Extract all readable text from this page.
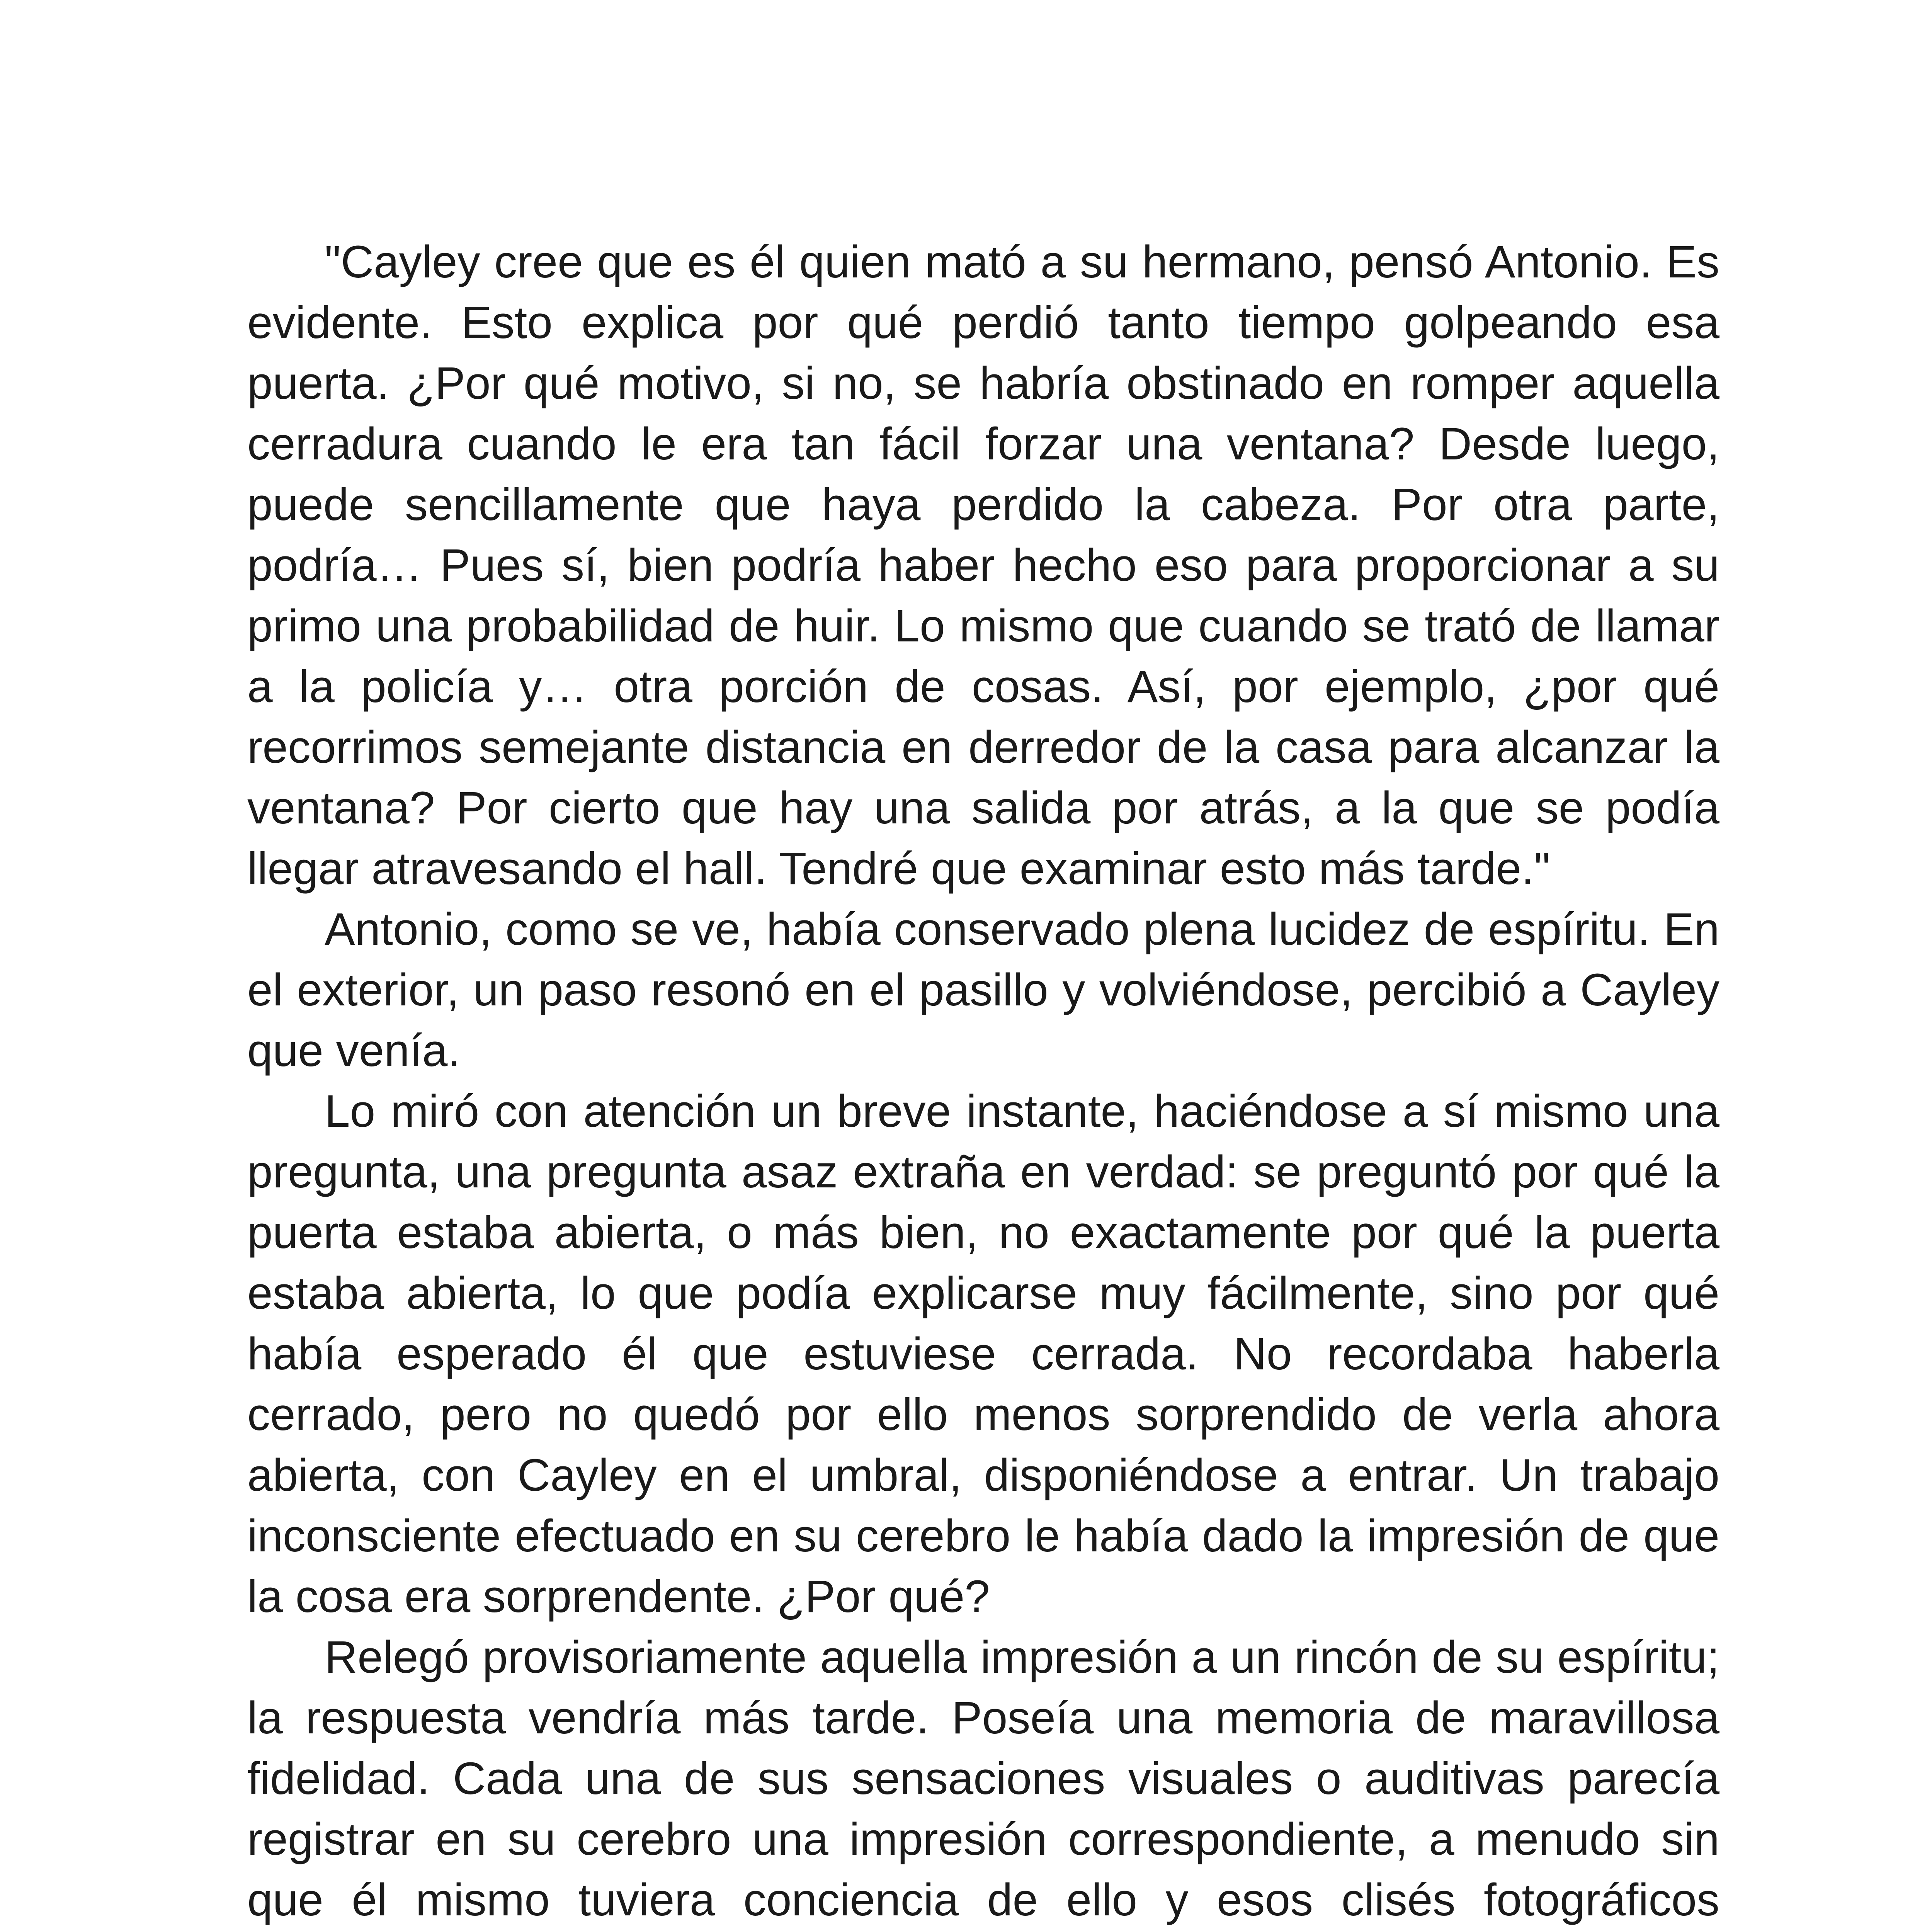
"Cayley cree que es él quien mató a su hermano, pensó Antonio. Es evidente. Esto explica por qué perdió tanto tiempo golpeando esa puerta. ¿Por qué motivo, si no, se habría obstinado en romper aquella cerradura cuando le era tan fácil forzar una ventana? Desde luego, puede sencillamente que haya perdido la cabeza. Por otra parte, podría… Pues sí, bien podría haber hecho eso para proporcionar a su primo una probabilidad de huir. Lo mismo que cuando se trató de llamar a la policía y… otra porción de cosas. Así, por ejemplo, ¿por qué recorrimos semejante distancia en derredor de la casa para alcanzar la ventana? Por cierto que hay una salida por atrás, a la que se podía llegar atravesando el hall. Tendré que examinar esto más tarde."

Antonio, como se ve, había conservado plena lucidez de espíritu. En el exterior, un paso resonó en el pasillo y volviéndose, percibió a Cayley que venía.

Lo miró con atención un breve instante, haciéndose a sí mismo una pregunta, una pregunta asaz extraña en verdad: se preguntó por qué la puerta estaba abierta, o más bien, no exactamente por qué la puerta estaba abierta, lo que podía explicarse muy fácilmente, sino por qué había esperado él que estuviese cerrada. No recordaba haberla cerrado, pero no quedó por ello menos sorprendido de verla ahora abierta, con Cayley en el umbral, disponiéndose a entrar. Un trabajo inconsciente efectuado en su cerebro le había dado la impresión de que la cosa era sorprendente. ¿Por qué?

Relegó provisoriamente aquella impresión a un rincón de su espíritu; la respuesta vendría más tarde. Poseía una memoria de maravillosa fidelidad. Cada una de sus sensaciones visuales o auditivas parecía registrar en su cerebro una impresión correspondiente, a menudo sin que él mismo tuviera conciencia de ello y esos clisés fotográficos
